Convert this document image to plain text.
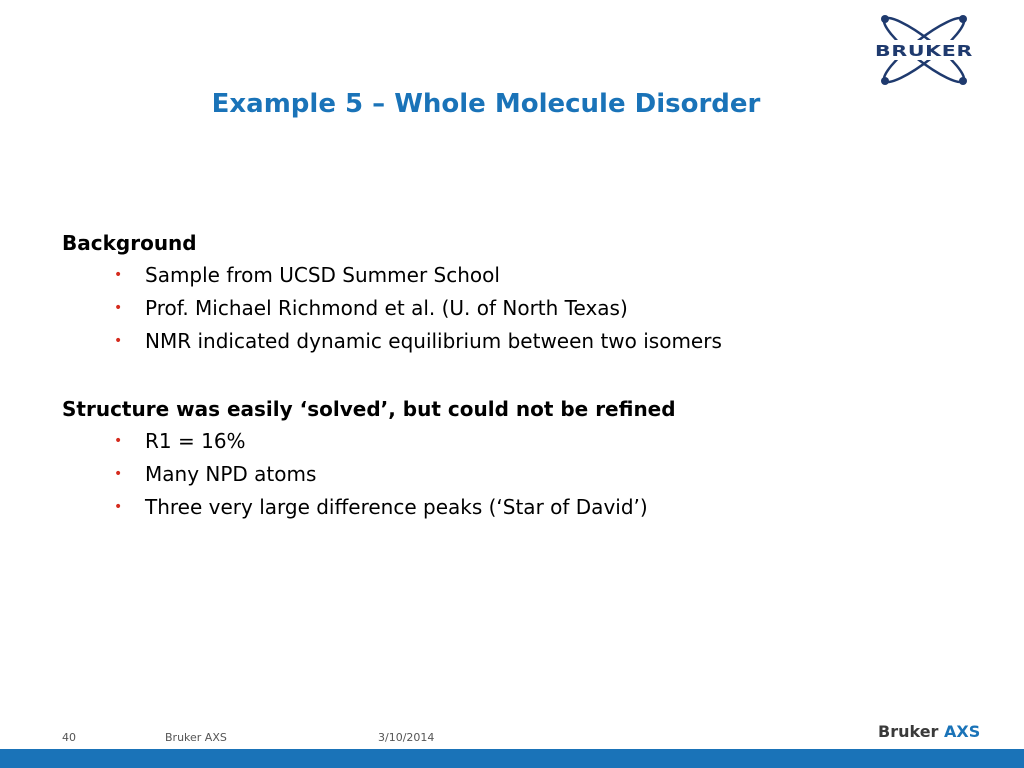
BRUKER
Example 5 – Whole Molecule Disorder

Background

• Sample from UCSD Summer School
• Prof. Michael Richmond et al. (U. of North Texas)
• NMR indicated dynamic equilibrium between two isomers

Structure was easily ‘solved’, but could not be refined

• R1 = 16%
• Many NPD atoms
• Three very large difference peaks (‘Star of David’)
40	Bruker AXS	3/10/2014	Bruker AXS
